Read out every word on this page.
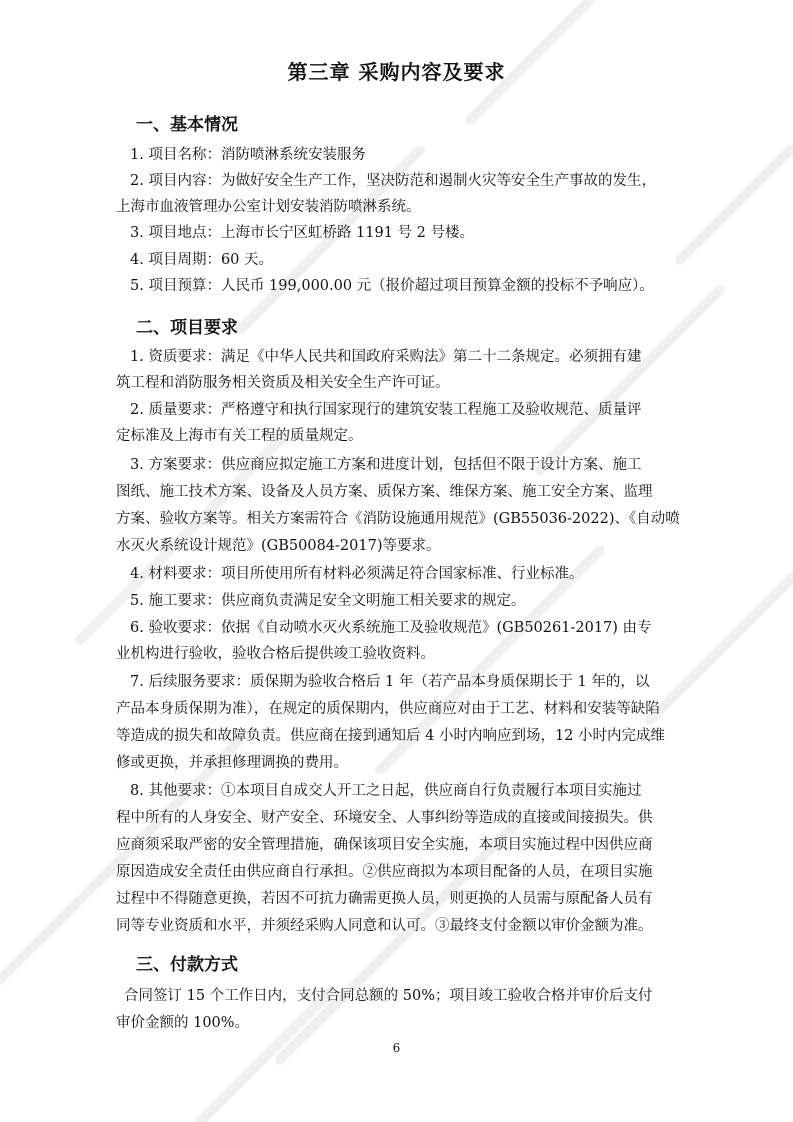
第三章 采购内容及要求
一、基本情况
1. 项目名称：消防喷淋系统安装服务
2. 项目内容：为做好安全生产工作，坚决防范和遏制火灾等安全生产事故的发生，
上海市血液管理办公室计划安装消防喷淋系统。
3. 项目地点：上海市长宁区虹桥路 1191 号 2 号楼。
4. 项目周期：60 天。
5. 项目预算：人民币 199,000.00 元（报价超过项目预算金额的投标不予响应）。
二、项目要求
1. 资质要求：满足《中华人民共和国政府采购法》第二十二条规定。必须拥有建
筑工程和消防服务相关资质及相关安全生产许可证。
2. 质量要求：严格遵守和执行国家现行的建筑安装工程施工及验收规范、质量评
定标准及上海市有关工程的质量规定。
3. 方案要求：供应商应拟定施工方案和进度计划，包括但不限于设计方案、施工
图纸、施工技术方案、设备及人员方案、质保方案、维保方案、施工安全方案、监理
方案、验收方案等。相关方案需符合《消防设施通用规范》(GB55036-2022)、《自动喷
水灭火系统设计规范》(GB50084-2017)等要求。
4. 材料要求：项目所使用所有材料必须满足符合国家标准、行业标准。
5. 施工要求：供应商负责满足安全文明施工相关要求的规定。
6. 验收要求：依据《自动喷水灭火系统施工及验收规范》(GB50261-2017) 由专
业机构进行验收，验收合格后提供竣工验收资料。
7. 后续服务要求：质保期为验收合格后 1 年（若产品本身质保期长于 1 年的，以
产品本身质保期为准），在规定的质保期内，供应商应对由于工艺、材料和安装等缺陷
等造成的损失和故障负责。供应商在接到通知后 4 小时内响应到场，12 小时内完成维
修或更换，并承担修理调换的费用。
8. 其他要求：①本项目自成交人开工之日起，供应商自行负责履行本项目实施过
程中所有的人身安全、财产安全、环境安全、人事纠纷等造成的直接或间接损失。供
应商须采取严密的安全管理措施，确保该项目安全实施，本项目实施过程中因供应商
原因造成安全责任由供应商自行承担。②供应商拟为本项目配备的人员，在项目实施
过程中不得随意更换，若因不可抗力确需更换人员，则更换的人员需与原配备人员有
同等专业资质和水平，并须经采购人同意和认可。③最终支付金额以审价金额为准。
三、付款方式
合同签订 15 个工作日内，支付合同总额的 50%；项目竣工验收合格并审价后支付
审价金额的 100%。
6
